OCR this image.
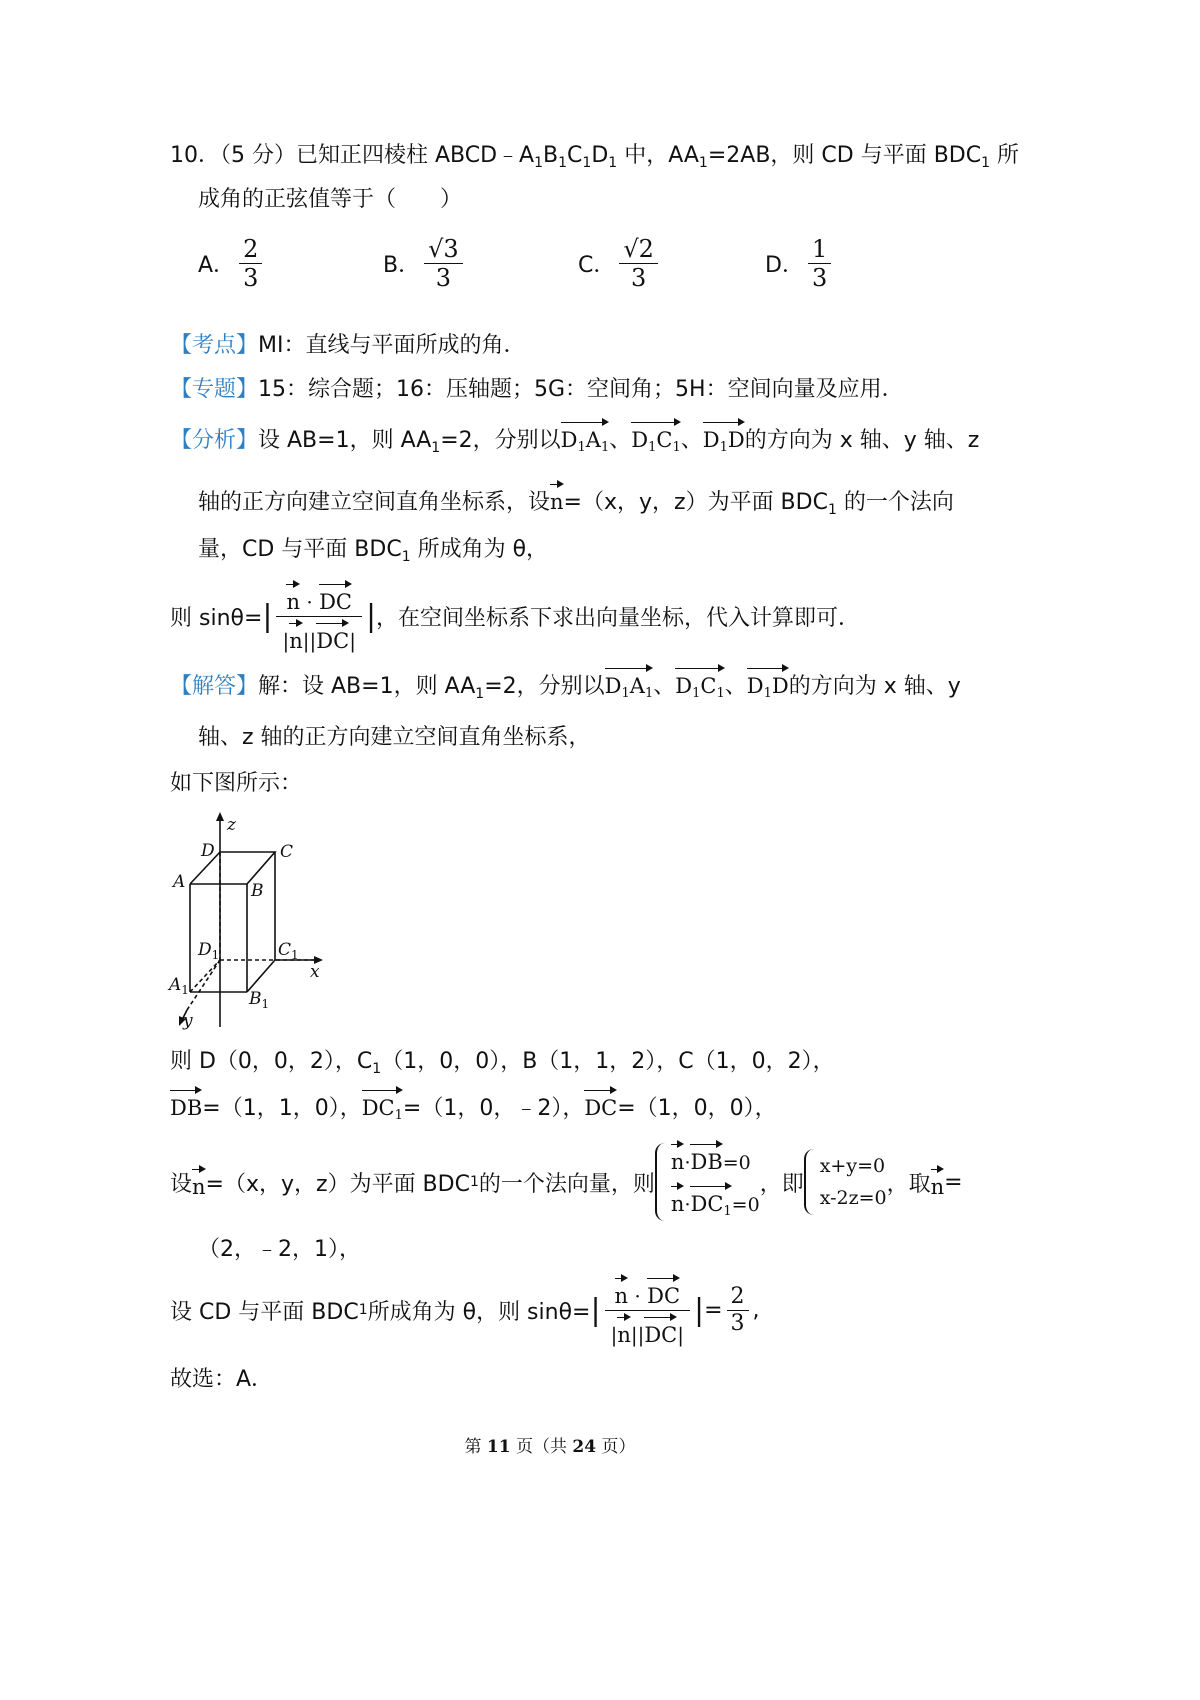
10．（5 分）已知正四棱柱 $ABCD﹣A_1B_1C_1D_1$ 中，$AA_1=2AB$，则 CD 与平面 $BDC_1$ 所
成角的正弦值等于（　　）
A． $\frac{2}{3}$	B． $\frac{√3}{3}$	C． $\frac{√2}{3}$	D． $\frac{1}{3}$
【考点】MI：直线与平面所成的角．
【专题】15：综合题；16：压轴题；5G：空间角；5H：空间向量及应用．
【分析】设 AB=1，则 $AA_1=2$，分别以$D_1A_1$、$D_1C_1$、$D_1D$的方向为 x 轴、y 轴、z
轴的正方向建立空间直角坐标系，设n=（x，y，z）为平面 $BDC_1$ 的一个法向
量，CD 与平面 $BDC_1$ 所成角为 θ，
则 sinθ= | $\frac{n \cdot DC}{|n||DC|}$ | ，在空间坐标系下求出向量坐标，代入计算即可．
【解答】解：设 AB=1，则 $AA_1=2$，分别以$D_1A_1$、$D_1C_1$、$D_1D$的方向为 x 轴、y
轴、z 轴的正方向建立空间直角坐标系，
如下图所示：
z
D	C
A	B
$D_1$	$C_1$
x
$A_1$	$B_1$
y
则 D（0，0，2），$C_1(1$，0，0），B（1，1，2），C（1，0，2），
DB=（1，1，0），$DC_1=(1$，0，﹣2），DC=（1，0，0），
设 n =（x，y，z）为平面 BDC 1 的一个法向量，则
n·DB=0
$n\cdot DC_1=0$
，即
x+y=0
x-2z=0
，取 n =
（2，﹣2，1），
设 CD 与平面 BDC 1 所成角为 θ，则 sinθ= | $\frac{n \cdot DC}{|n||DC|}$ | = $\frac{2}{3}$ ,
故选：A．
第 11 页（共 24 页）
